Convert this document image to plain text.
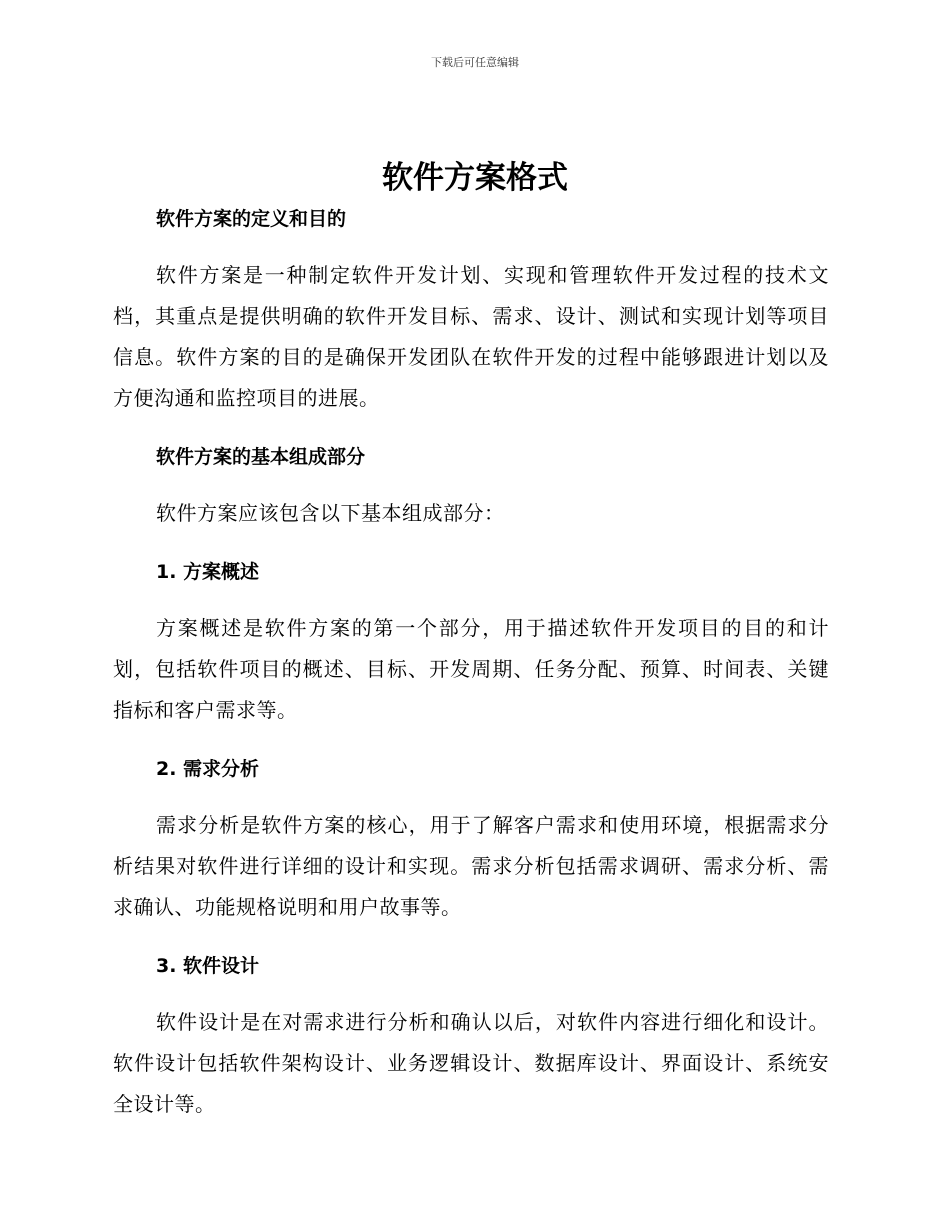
下载后可任意编辑
软件方案格式

软件方案的定义和目的

软件方案是一种制定软件开发计划、实现和管理软件开发过程的技术文档，其重点是提供明确的软件开发目标、需求、设计、测试和实现计划等项目信息。软件方案的目的是确保开发团队在软件开发的过程中能够跟进计划以及方便沟通和监控项目的进展。

软件方案的基本组成部分

软件方案应该包含以下基本组成部分：

1. 方案概述

方案概述是软件方案的第一个部分，用于描述软件开发项目的目的和计划，包括软件项目的概述、目标、开发周期、任务分配、预算、时间表、关键指标和客户需求等。

2. 需求分析

需求分析是软件方案的核心，用于了解客户需求和使用环境，根据需求分析结果对软件进行详细的设计和实现。需求分析包括需求调研、需求分析、需求确认、功能规格说明和用户故事等。

3. 软件设计

软件设计是在对需求进行分析和确认以后，对软件内容进行细化和设计。软件设计包括软件架构设计、业务逻辑设计、数据库设计、界面设计、系统安全设计等。
